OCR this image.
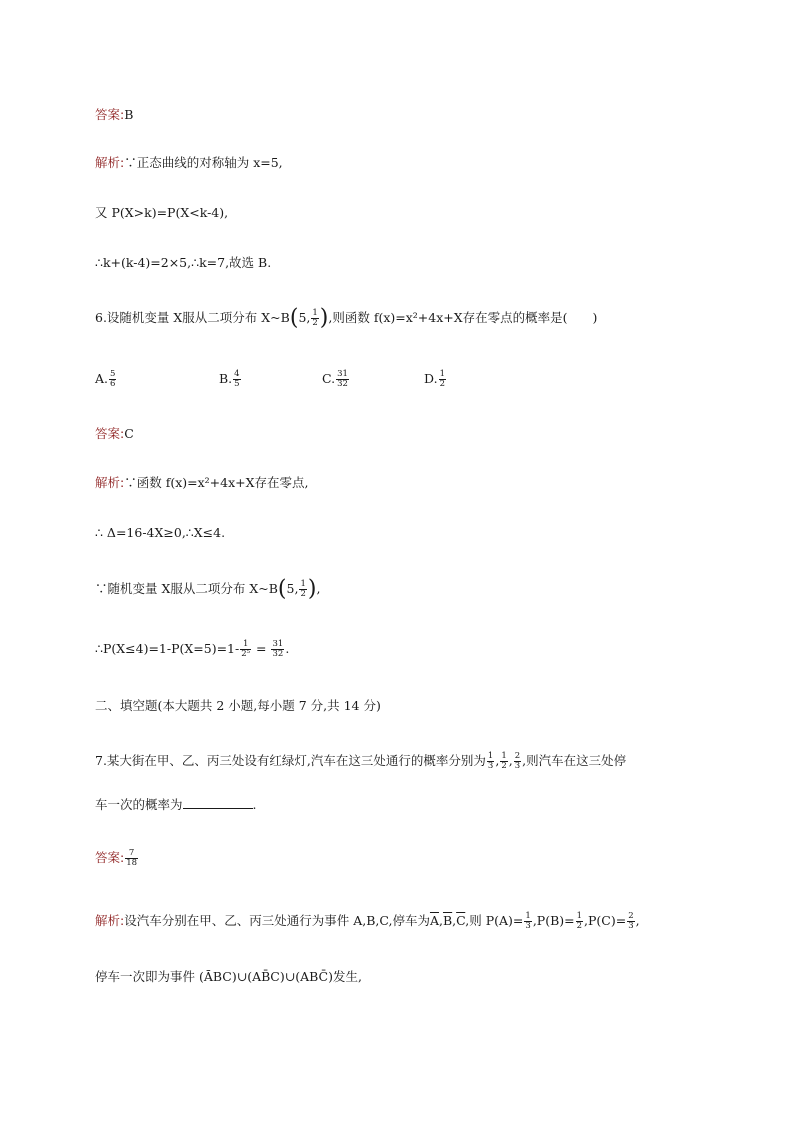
答案:B
解析:∵正态曲线的对称轴为 x=5,
又 P(X>k)=P(X<k-4),
∴k+(k-4)=2×5,∴k=7,故选 B.
6.设随机变量 X服从二项分布 X~B(5, $\frac{1}{2}$ ),则函数 f(x)=x²+4x+X存在零点的概率是(　　)
A. $\frac{5}{6}$	B. $\frac{4}{5}$	C. $\frac{31}{32}$	D. $\frac{1}{2}$
答案:C
解析:∵函数 f(x)=x²+4x+X存在零点,
∴ Δ=16-4X≥0,∴X≤4.
∵随机变量 X服从二项分布 X~B(5, $\frac{1}{2}$ ),
∴P(X≤4)=1-P(X=5)=1- $\frac{1}{\text{2⁵}} = \frac{31}{32}$ .
二、填空题(本大题共 2 小题,每小题 7 分,共 14 分)
7.某大街在甲、乙、丙三处设有红绿灯,汽车在这三处通行的概率分别为 $\frac{1}{3}$ , $\frac{1}{2}$ , $\frac{2}{3}$ ,则汽车在这三处停
车一次的概率为	.
答案: $\frac{7}{18}$
解析:设汽车分别在甲、乙、丙三处通行为事件 A,B,C,停车为$\overline{A},\overline{B},\overline{C}$,则 $P(A)= \frac{1}{3} ,P(B)= \frac{1}{2} ,P(C)= \frac{2}{3}$ ,
停车一次即为事件 (ĀBC)∪(AB̄C)∪(ABC̄)发生,
